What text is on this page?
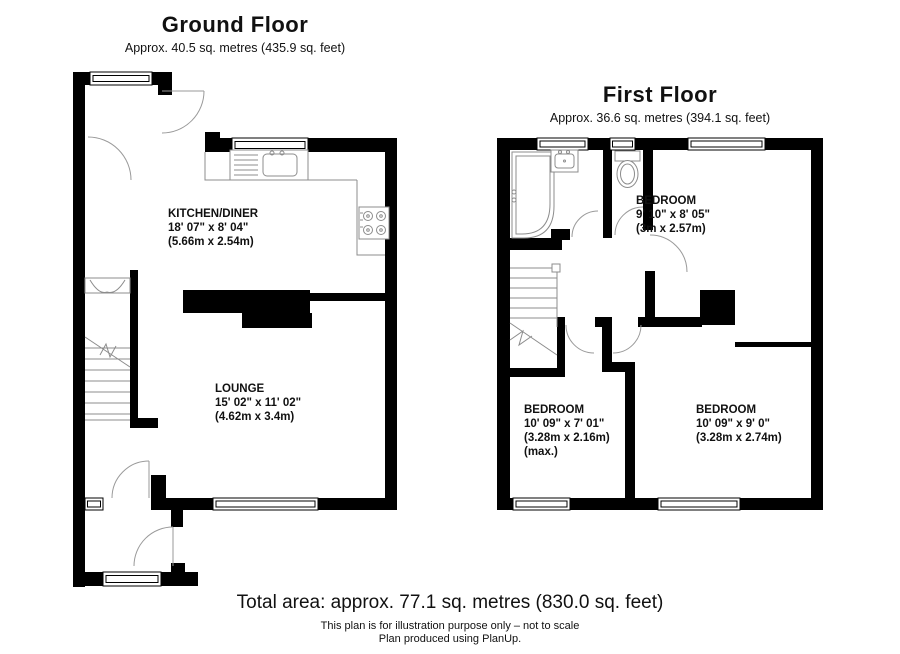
Ground Floor
Approx. 40.5 sq. metres (435.9 sq. feet)
First Floor
Approx. 36.6 sq. metres (394.1 sq. feet)
KITCHEN/DINER
18' 07" x 8' 04"
(5.66m x 2.54m)
LOUNGE
15' 02" x 11' 02"
(4.62m x 3.4m)
BEDROOM
9' 10" x 8' 05"
(3m x 2.57m)
BEDROOM
10' 09" x 7' 01"
(3.28m x 2.16m)
(max.)
BEDROOM
10' 09" x 9' 0"
(3.28m x 2.74m)
Total area: approx. 77.1 sq. metres (830.0 sq. feet)
This plan is for illustration purpose only – not to scale
Plan produced using PlanUp.
